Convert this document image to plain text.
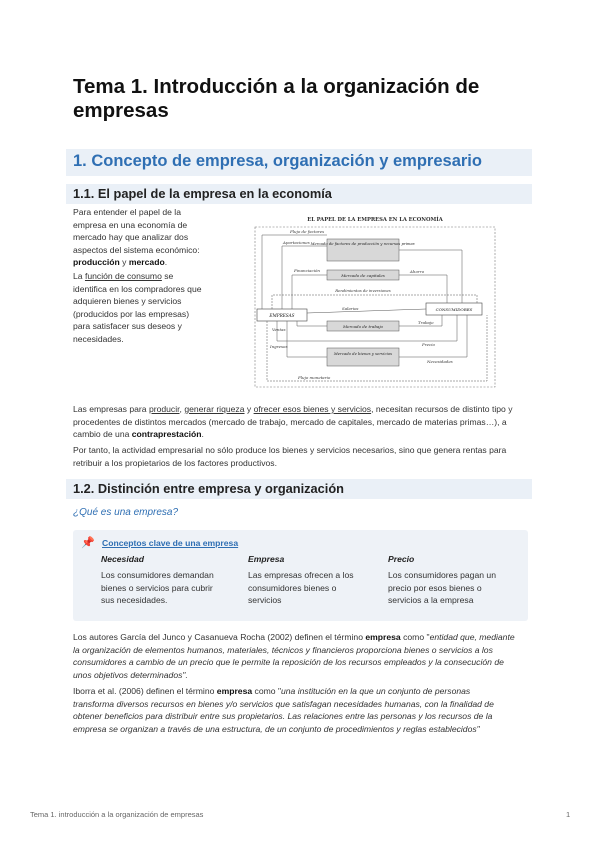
Tema 1. Introducción a la organización de empresas
1. Concepto de empresa, organización y empresario
1.1. El papel de la empresa en la economía
Para entender el papel de la
empresa en una economía de
mercado hay que analizar dos
aspectos del sistema económico:
producción y mercado.
La función de consumo se
identifica en los compradores que
adquieren bienes y servicios
(producidos por las empresas)
para satisfacer sus deseos y
necesidades.
EL PAPEL DE LA EMPRESA EN LA ECONOMÍA
Flujo de factores
Aportaciones Mercado de factores de producción y recursos primar.
Financiación
Mercado de capitales
Ahorro
Rendimientos de inversiones
EMPRESAS
Salarios	CONSUMIDORES
Mercado de trabajo
Trabajo
Ventas
Ingresos	Precio
Mercado de bienes y servicios
Necesidades
Flujo monetario
Las empresas para producir, generar riqueza y ofrecer esos bienes y servicios, necesitan recursos de distinto tipo y
procedentes de distintos mercados (mercado de trabajo, mercado de capitales, mercado de materias primas…), a
cambio de una contraprestación.
Por tanto, la actividad empresarial no sólo produce los bienes y servicios necesarios, sino que genera rentas para
retribuir a los propietarios de los factores productivos.
1.2. Distinción entre empresa y organización
¿Qué es una empresa?
📌 Conceptos clave de una empresa
Necesidad
Los consumidores demandan
bienes o servicios para cubrir
sus necesidades.
Empresa
Las empresas ofrecen a los
consumidores bienes o
servicios
Precio
Los consumidores pagan un
precio por esos bienes o
servicios a la empresa
Los autores García del Junco y Casanueva Rocha (2002) definen el término empresa como "entidad que, mediante
la organización de elementos humanos, materiales, técnicos y financieros proporciona bienes o servicios a los
consumidores a cambio de un precio que le permite la reposición de los recursos empleados y la consecución de
unos objetivos determinados".
Iborra et al. (2006) definen el término empresa como "una institución en la que un conjunto de personas
transforma diversos recursos en bienes y/o servicios que satisfagan necesidades humanas, con la finalidad de
obtener beneficios para distribuir entre sus propietarios. Las relaciones entre las personas y los recursos de la
empresa se organizan a través de una estructura, de un conjunto de procedimientos y reglas establecidos"
Tema 1. introducción a la organización de empresas	1
